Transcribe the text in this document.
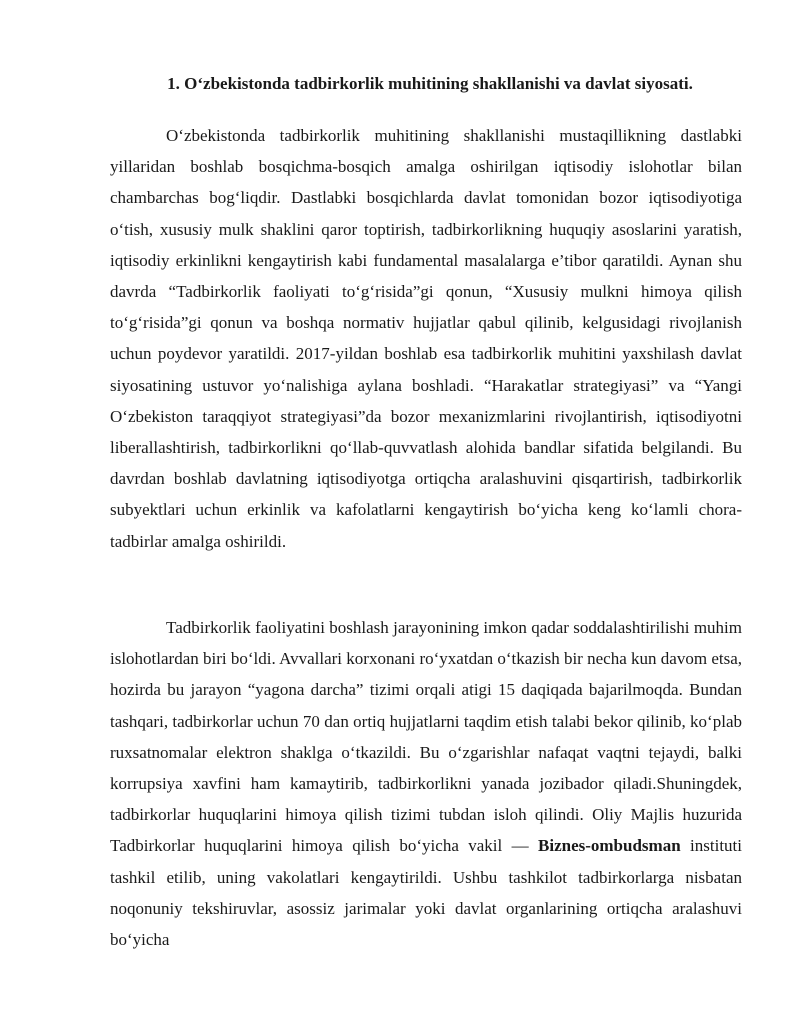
1. O‘zbekistonda tadbirkorlik muhitining shakllanishi va davlat siyosati.

O‘zbekistonda tadbirkorlik muhitining shakllanishi mustaqillikning dastlabki yillaridan boshlab bosqichma-bosqich amalga oshirilgan iqtisodiy islohotlar bilan chambarchas bog‘liqdir. Dastlabki bosqichlarda davlat tomonidan bozor iqtisodiyotiga o‘tish, xususiy mulk shaklini qaror toptirish, tadbirkorlikning huquqiy asoslarini yaratish, iqtisodiy erkinlikni kengaytirish kabi fundamental masalalarga e’tibor qaratildi. Aynan shu davrda “Tadbirkorlik faoliyati to‘g‘risida”gi qonun, “Xususiy mulkni himoya qilish to‘g‘risida”gi qonun va boshqa normativ hujjatlar qabul qilinib, kelgusidagi rivojlanish uchun poydevor yaratildi. 2017-yildan boshlab esa tadbirkorlik muhitini yaxshilash davlat siyosatining ustuvor yo‘nalishiga aylana boshladi. “Harakatlar strategiyasi” va “Yangi O‘zbekiston taraqqiyot strategiyasi”da bozor mexanizmlarini rivojlantirish, iqtisodiyotni liberallashtirish, tadbirkorlikni qo‘llab-quvvatlash alohida bandlar sifatida belgilandi. Bu davrdan boshlab davlatning iqtisodiyotga ortiqcha aralashuvini qisqartirish, tadbirkorlik subyektlari uchun erkinlik va kafolatlarni kengaytirish bo‘yicha keng ko‘lamli chora-tadbirlar amalga oshirildi.

Tadbirkorlik faoliyatini boshlash jarayonining imkon qadar soddalashtirilishi muhim islohotlardan biri bo‘ldi. Avvallari korxonani ro‘yxatdan o‘tkazish bir necha kun davom etsa, hozirda bu jarayon “yagona darcha” tizimi orqali atigi 15 daqiqada bajarilmoqda. Bundan tashqari, tadbirkorlar uchun 70 dan ortiq hujjatlarni taqdim etish talabi bekor qilinib, ko‘plab ruxsatnomalar elektron shaklga o‘tkazildi. Bu o‘zgarishlar nafaqat vaqtni tejaydi, balki korrupsiya xavfini ham kamaytirib, tadbirkorlikni yanada jozibador qiladi.Shuningdek, tadbirkorlar huquqlarini himoya qilish tizimi tubdan isloh qilindi. Oliy Majlis huzurida Tadbirkorlar huquqlarini himoya qilish bo‘yicha vakil — Biznes-ombudsman instituti tashkil etilib, uning vakolatlari kengaytirildi. Ushbu tashkilot tadbirkorlarga nisbatan noqonuniy tekshiruvlar, asossiz jarimalar yoki davlat organlarining ortiqcha aralashuvi bo‘yicha
